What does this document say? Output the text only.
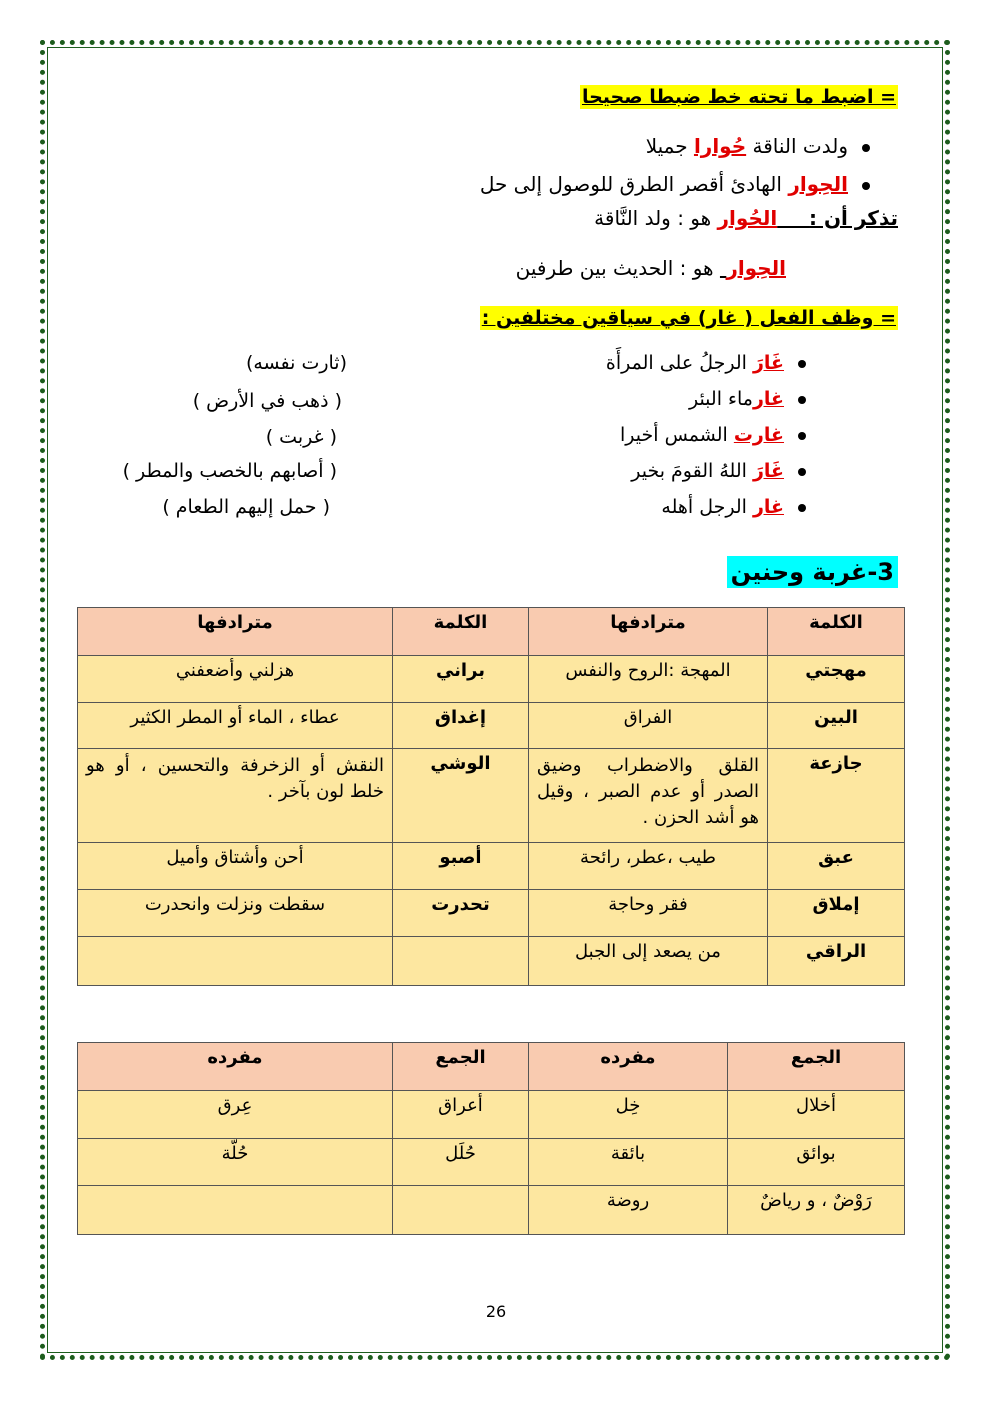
= اضبط ما تحته خط ضبطا صحيحا
ولدت الناقة حُوارا جميلا
الحِوار الهادئ أقصر الطرق للوصول إلى حل
تذكر أن :     الحُوار هو : ولد النَّاقة
الحِوار  هو : الحديث بين طرفين
= وظف الفعل ( غار) في سياقين مختلفين :
غَارَ الرجلُ على المرأَة
غارماء البئر
غارت الشمس أخيرا
غَارَ اللهُ القومَ بخير
غار الرجل أهله
(ثارت نفسه)
( ذهب في الأرض )
( غربت )
( أصابهم بالخصب والمطر )
( حمل إليهم الطعام )
3-غربة وحنين
مترادفها	الكلمة	مترادفها	الكلمة
هزلني وأضعفني	براني	المهجة :الروح والنفس	مهجتي
عطاء ، الماء أو المطر الكثير	إغداق	الفراق	البين
النقش أو الزخرفة والتحسين ، أو هو خلط لون بآخر .	الوشي	القلق والاضطراب وضيق الصدر أو عدم الصبر ، وقيل هو أشد الحزن .	جازعة
أحن وأشتاق وأميل	أصبو	طيب ،عطر، رائحة	عبق
سقطت ونزلت وانحدرت	تحدرت	فقر وحاجة	إملاق
		من يصعد إلى الجبل	الراقي
مفرده	الجمع	مفرده	الجمع
عِرق	أعراق	خِل	أخلال
حُلّة	حُلَل	بائقة	بوائق
		روضة	رَوْضٌ ، و رياضٌ
26
